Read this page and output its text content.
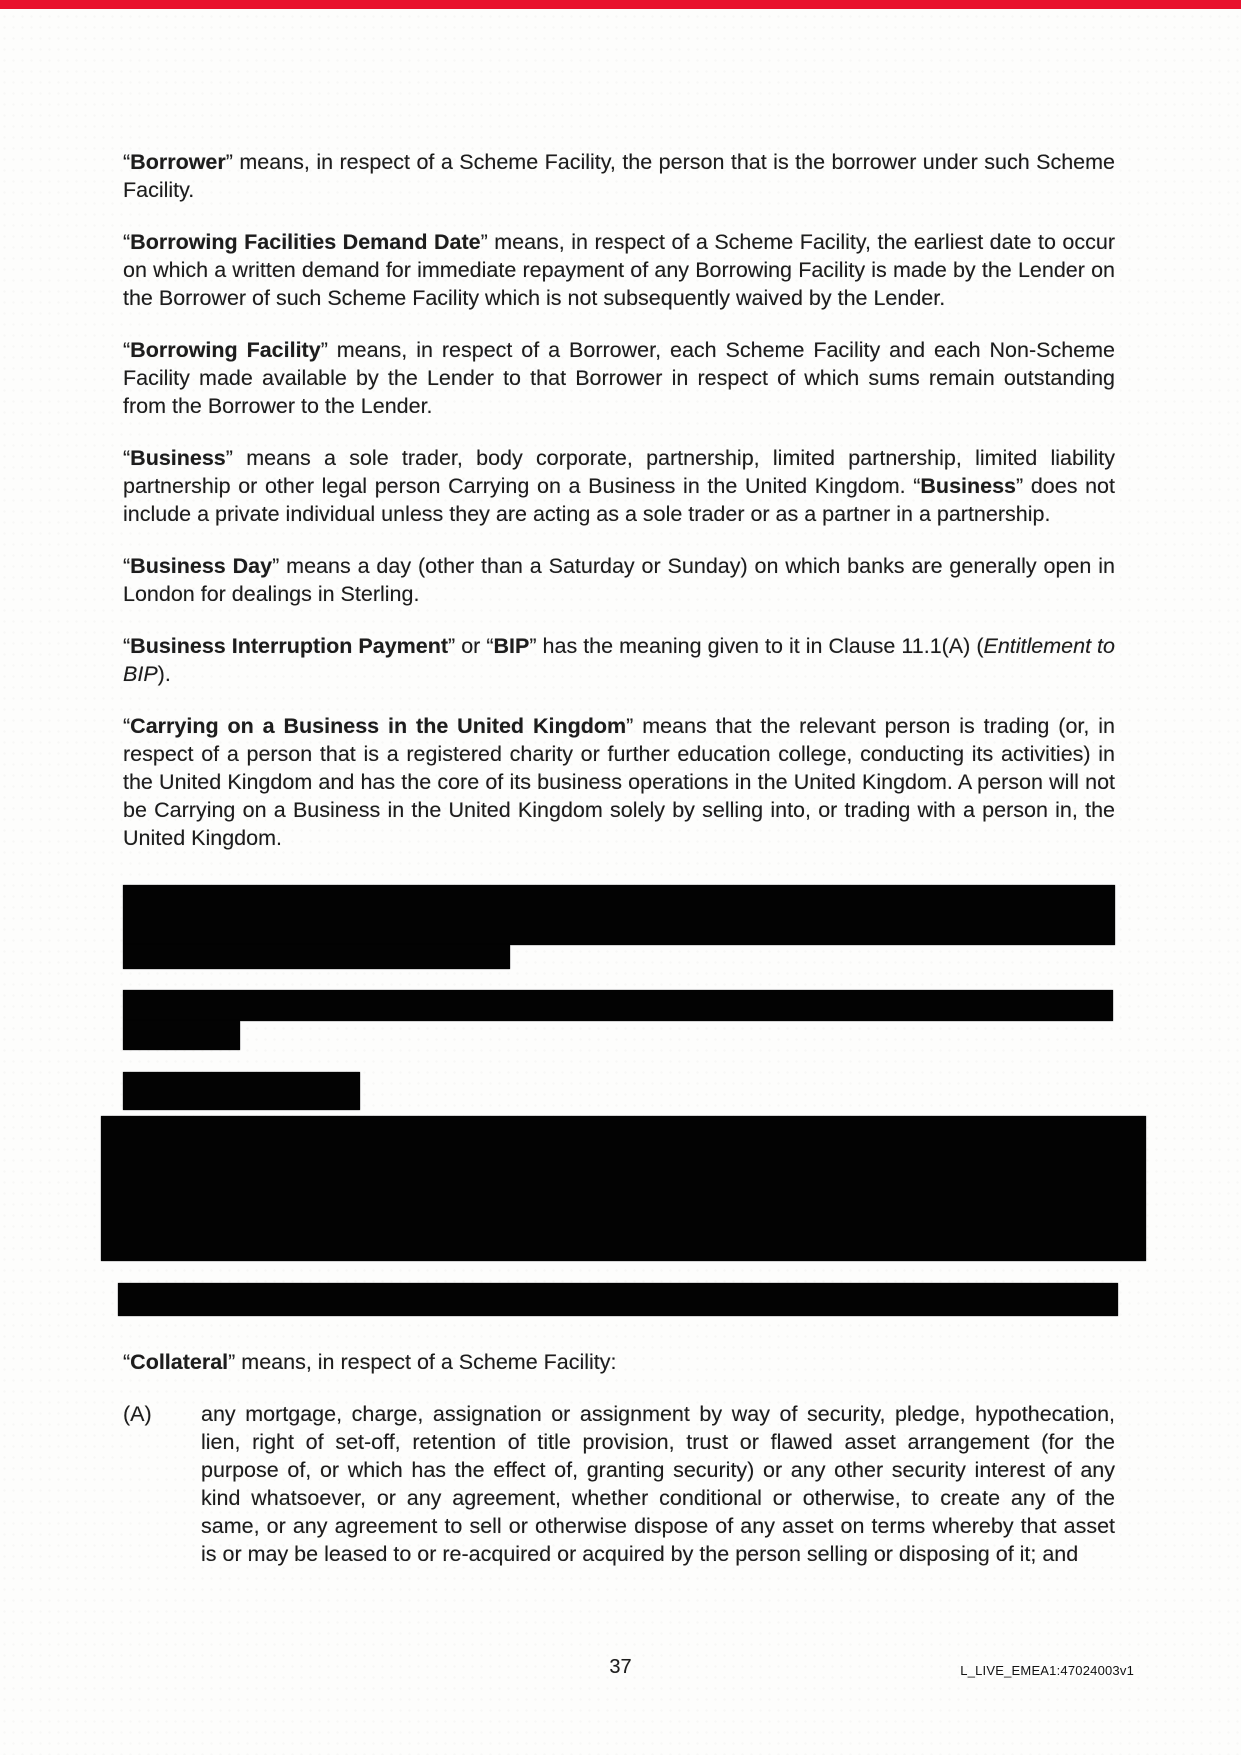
“Borrower” means, in respect of a Scheme Facility, the person that is the borrower under such Scheme Facility.

“Borrowing Facilities Demand Date” means, in respect of a Scheme Facility, the earliest date to occur on which a written demand for immediate repayment of any Borrowing Facility is made by the Lender on the Borrower of such Scheme Facility which is not subsequently waived by the Lender.

“Borrowing Facility” means, in respect of a Borrower, each Scheme Facility and each Non-Scheme Facility made available by the Lender to that Borrower in respect of which sums remain outstanding from the Borrower to the Lender.

“Business” means a sole trader, body corporate, partnership, limited partnership, limited liability partnership or other legal person Carrying on a Business in the United Kingdom. “Business” does not include a private individual unless they are acting as a sole trader or as a partner in a partnership.

“Business Day” means a day (other than a Saturday or Sunday) on which banks are generally open in London for dealings in Sterling.

“Business Interruption Payment” or “BIP” has the meaning given to it in Clause 11.1(A) (Entitlement to BIP).

“Carrying on a Business in the United Kingdom” means that the relevant person is trading (or, in respect of a person that is a registered charity or further education college, conducting its activities) in the United Kingdom and has the core of its business operations in the United Kingdom. A person will not be Carrying on a Business in the United Kingdom solely by selling into, or trading with a person in, the United Kingdom.

“Collateral” means, in respect of a Scheme Facility:

(A)	any mortgage, charge, assignation or assignment by way of security, pledge, hypothecation, lien, right of set-off, retention of title provision, trust or flawed asset arrangement (for the purpose of, or which has the effect of, granting security) or any other security interest of any kind whatsoever, or any agreement, whether conditional or otherwise, to create any of the same, or any agreement to sell or otherwise dispose of any asset on terms whereby that asset is or may be leased to or re-acquired or acquired by the person selling or disposing of it; and

37	L_LIVE_EMEA1:47024003v1
